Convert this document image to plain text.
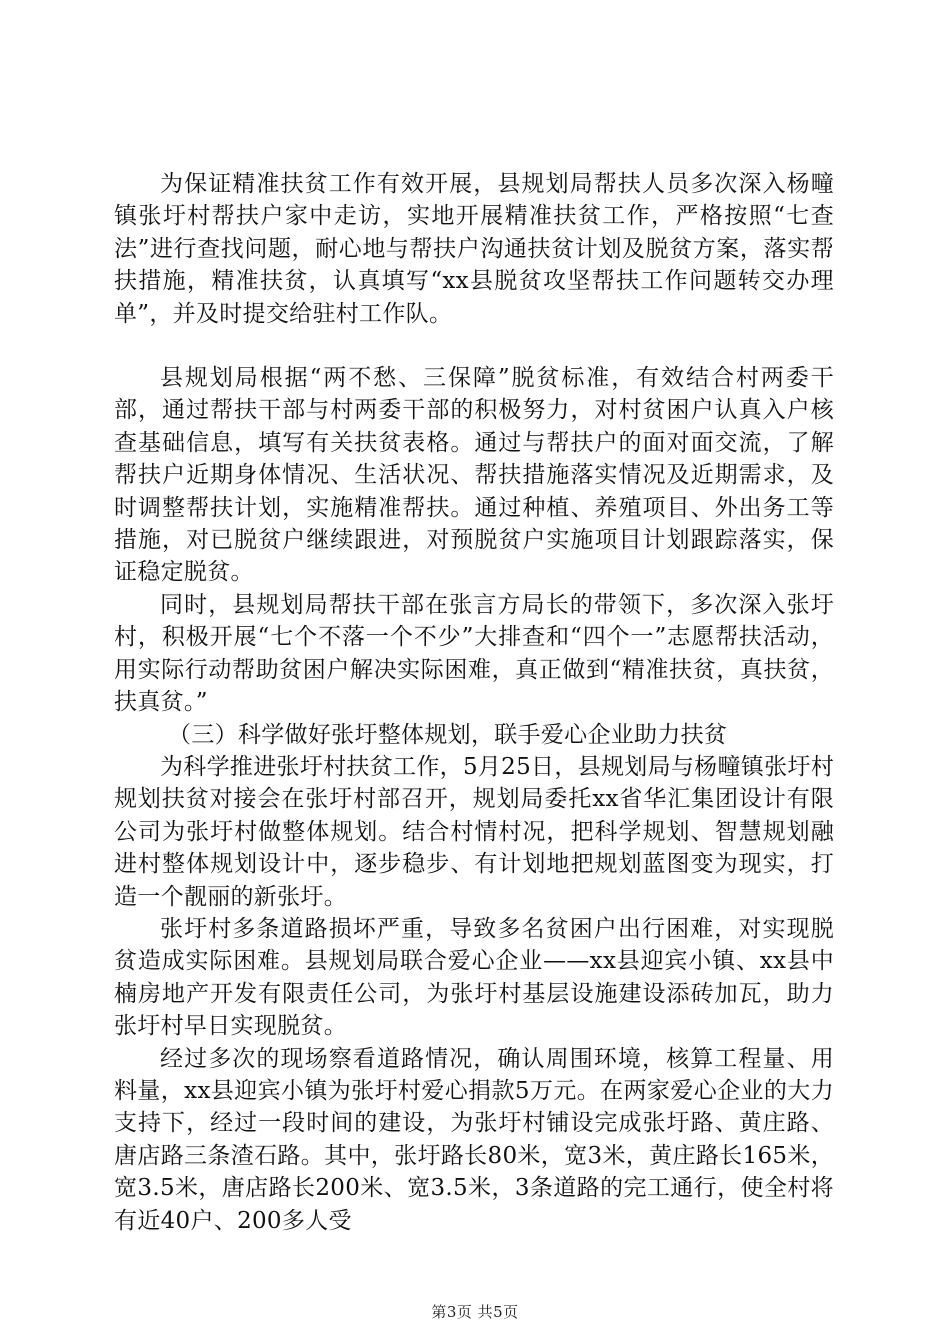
为保证精准扶贫工作有效开展，县规划局帮扶人员多次深入杨疃镇张圩村帮扶户家中走访，实地开展精准扶贫工作，严格按照“七查法”进行查找问题，耐心地与帮扶户沟通扶贫计划及脱贫方案，落实帮扶措施，精准扶贫，认真填写“xx县脱贫攻坚帮扶工作问题转交办理单”，并及时提交给驻村工作队。

县规划局根据“两不愁、三保障”脱贫标准，有效结合村两委干部，通过帮扶干部与村两委干部的积极努力，对村贫困户认真入户核查基础信息，填写有关扶贫表格。通过与帮扶户的面对面交流，了解帮扶户近期身体情况、生活状况、帮扶措施落实情况及近期需求，及时调整帮扶计划，实施精准帮扶。通过种植、养殖项目、外出务工等措施，对已脱贫户继续跟进，对预脱贫户实施项目计划跟踪落实，保证稳定脱贫。

同时，县规划局帮扶干部在张言方局长的带领下，多次深入张圩村，积极开展“七个不落一个不少”大排查和“四个一”志愿帮扶活动，用实际行动帮助贫困户解决实际困难，真正做到“精准扶贫，真扶贫，扶真贫。”

（三）科学做好张圩整体规划，联手爱心企业助力扶贫

为科学推进张圩村扶贫工作，5月25日，县规划局与杨疃镇张圩村规划扶贫对接会在张圩村部召开，规划局委托xx省华汇集团设计有限公司为张圩村做整体规划。结合村情村况，把科学规划、智慧规划融进村整体规划设计中，逐步稳步、有计划地把规划蓝图变为现实，打造一个靓丽的新张圩。

张圩村多条道路损坏严重，导致多名贫困户出行困难，对实现脱贫造成实际困难。县规划局联合爱心企业——xx县迎宾小镇、xx县中楠房地产开发有限责任公司，为张圩村基层设施建设添砖加瓦，助力张圩村早日实现脱贫。

经过多次的现场察看道路情况，确认周围环境，核算工程量、用料量，xx县迎宾小镇为张圩村爱心捐款5万元。在两家爱心企业的大力支持下，经过一段时间的建设，为张圩村铺设完成张圩路、黄庄路、唐店路三条渣石路。其中，张圩路长80米，宽3米，黄庄路长165米，宽3.5米，唐店路长200米、宽3.5米，3条道路的完工通行，使全村将有近40户、200多人受

第3页 共5页
